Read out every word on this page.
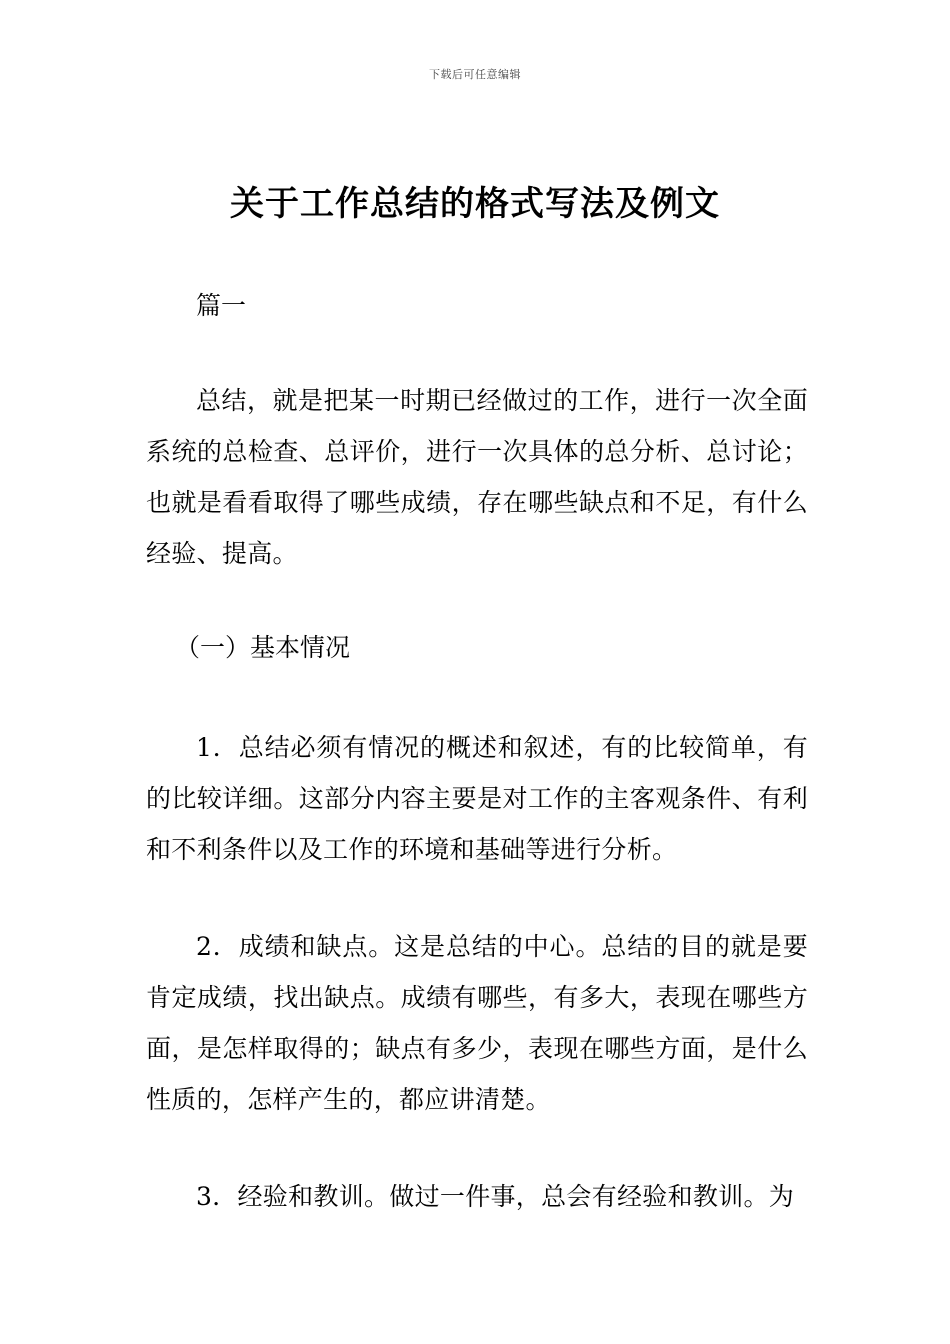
下载后可任意编辑
关于工作总结的格式写法及例文
篇一
总结，就是把某一时期已经做过的工作，进行一次全面系统的总检查、总评价，进行一次具体的总分析、总讨论；也就是看看取得了哪些成绩，存在哪些缺点和不足，有什么经验、提高。
（一）基本情况
1．总结必须有情况的概述和叙述，有的比较简单，有的比较详细。这部分内容主要是对工作的主客观条件、有利和不利条件以及工作的环境和基础等进行分析。
2．成绩和缺点。这是总结的中心。总结的目的就是要肯定成绩，找出缺点。成绩有哪些，有多大，表现在哪些方面，是怎样取得的；缺点有多少，表现在哪些方面，是什么性质的，怎样产生的，都应讲清楚。
3．经验和教训。做过一件事，总会有经验和教训。为
